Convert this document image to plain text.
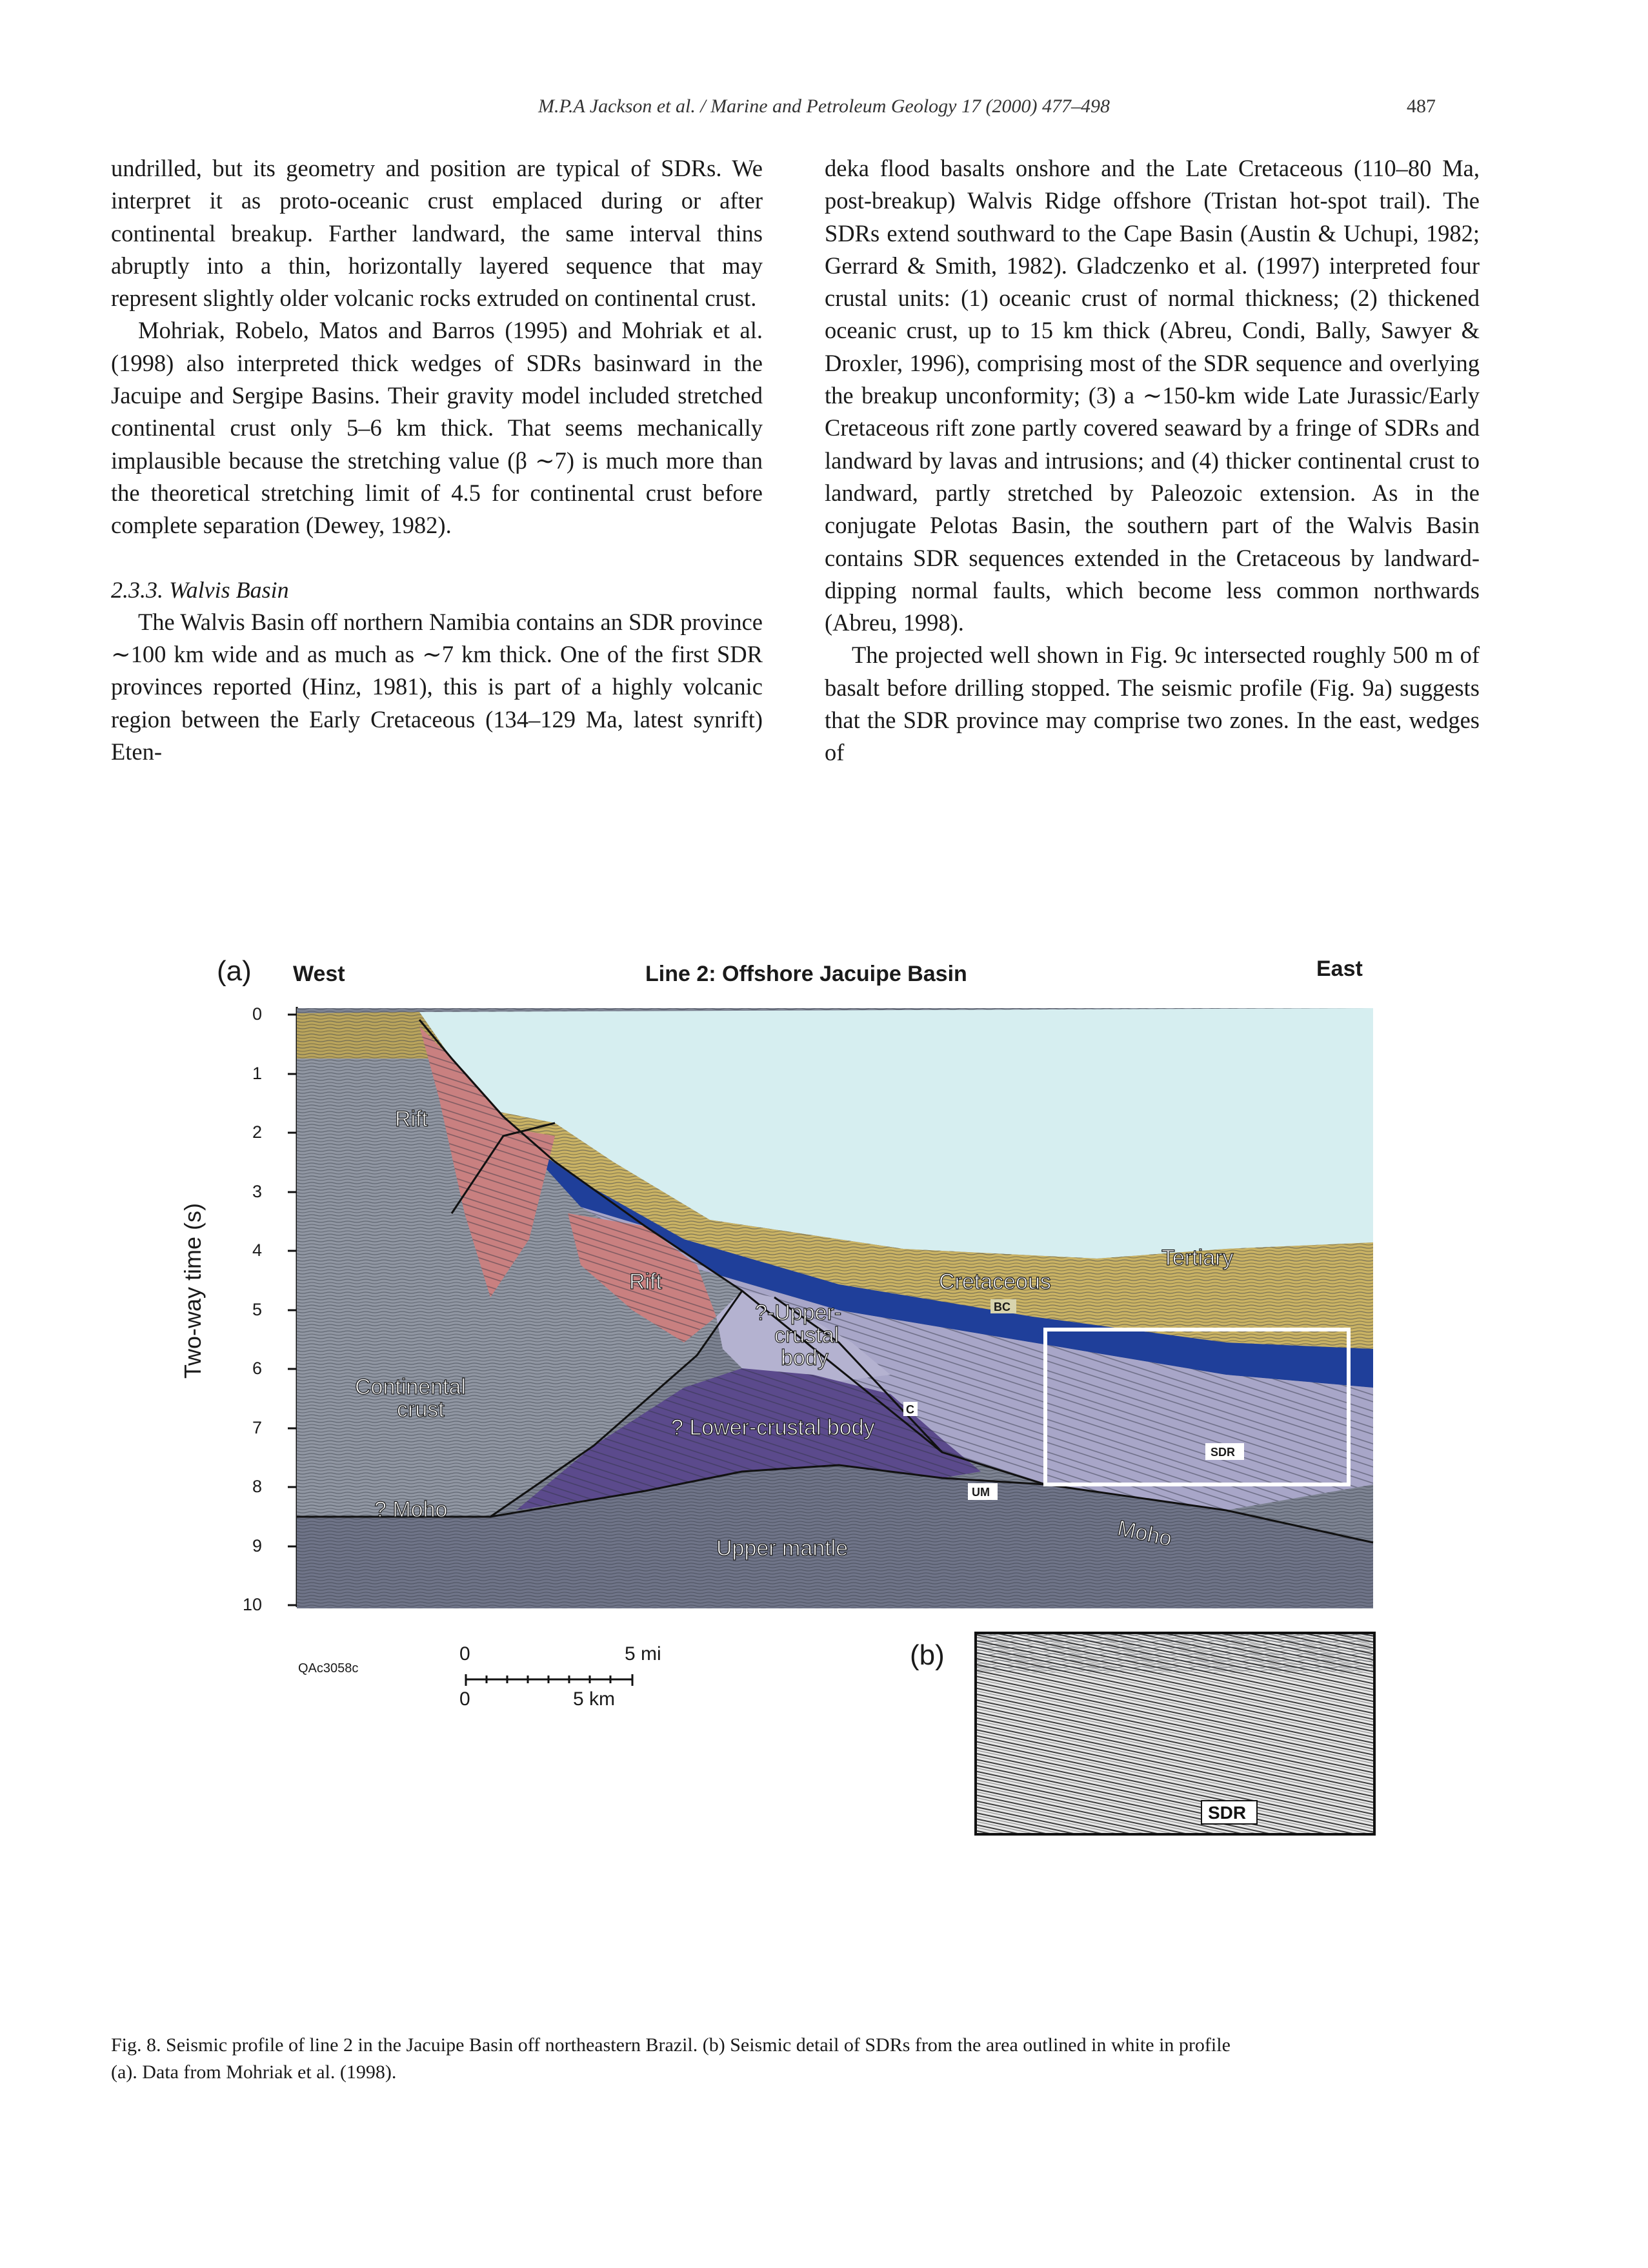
M.P.A Jackson et al. / Marine and Petroleum Geology 17 (2000) 477–498	487

undrilled, but its geometry and position are typical of SDRs. We interpret it as proto-oceanic crust emplaced during or after continental breakup. Farther landward, the same interval thins abruptly into a thin, horizontally layered sequence that may represent slightly older volcanic rocks extruded on continental crust.

Mohriak, Robelo, Matos and Barros (1995) and Mohriak et al. (1998) also interpreted thick wedges of SDRs basinward in the Jacuipe and Sergipe Basins. Their gravity model included stretched continental crust only 5–6 km thick. That seems mechanically implausible because the stretching value (β ∼7) is much more than the theoretical stretching limit of 4.5 for continental crust before complete separation (Dewey, 1982).

2.3.3. Walvis Basin

The Walvis Basin off northern Namibia contains an SDR province ∼100 km wide and as much as ∼7 km thick. One of the first SDR provinces reported (Hinz, 1981), this is part of a highly volcanic region between the Early Cretaceous (134–129 Ma, latest synrift) Eten-

deka flood basalts onshore and the Late Cretaceous (110–80 Ma, post-breakup) Walvis Ridge offshore (Tristan hot-spot trail). The SDRs extend southward to the Cape Basin (Austin & Uchupi, 1982; Gerrard & Smith, 1982). Gladczenko et al. (1997) interpreted four crustal units: (1) oceanic crust of normal thickness; (2) thickened oceanic crust, up to 15 km thick (Abreu, Condi, Bally, Sawyer & Droxler, 1996), comprising most of the SDR sequence and overlying the breakup unconformity; (3) a ∼150-km wide Late Jurassic/Early Cretaceous rift zone partly covered seaward by a fringe of SDRs and landward by lavas and intrusions; and (4) thicker continental crust to landward, partly stretched by Paleozoic extension. As in the conjugate Pelotas Basin, the southern part of the Walvis Basin contains SDR sequences extended in the Cretaceous by landward-dipping normal faults, which become less common northwards (Abreu, 1998).

The projected well shown in Fig. 9c intersected roughly 500 m of basalt before drilling stopped. The seismic profile (Fig. 9a) suggests that the SDR province may comprise two zones. In the east, wedges of

(a) West	Line 2: Offshore Jacuipe Basin	East
Two-way time (s)
0
1
2
3
4
5
6
7
8
9
10
Rift
Rift
Tertiary
Cretaceous
?-Upper-
crustal
body
Continental
crust
? Lower-crustal body
? Moho
Moho
Upper mantle
BC
C
SDR
UM
SDR
QAc3058c
0	5 mi
0	5 km
(b)

Fig. 8. Seismic profile of line 2 in the Jacuipe Basin off northeastern Brazil. (b) Seismic detail of SDRs from the area outlined in white in profile

(a). Data from Mohriak et al. (1998).
